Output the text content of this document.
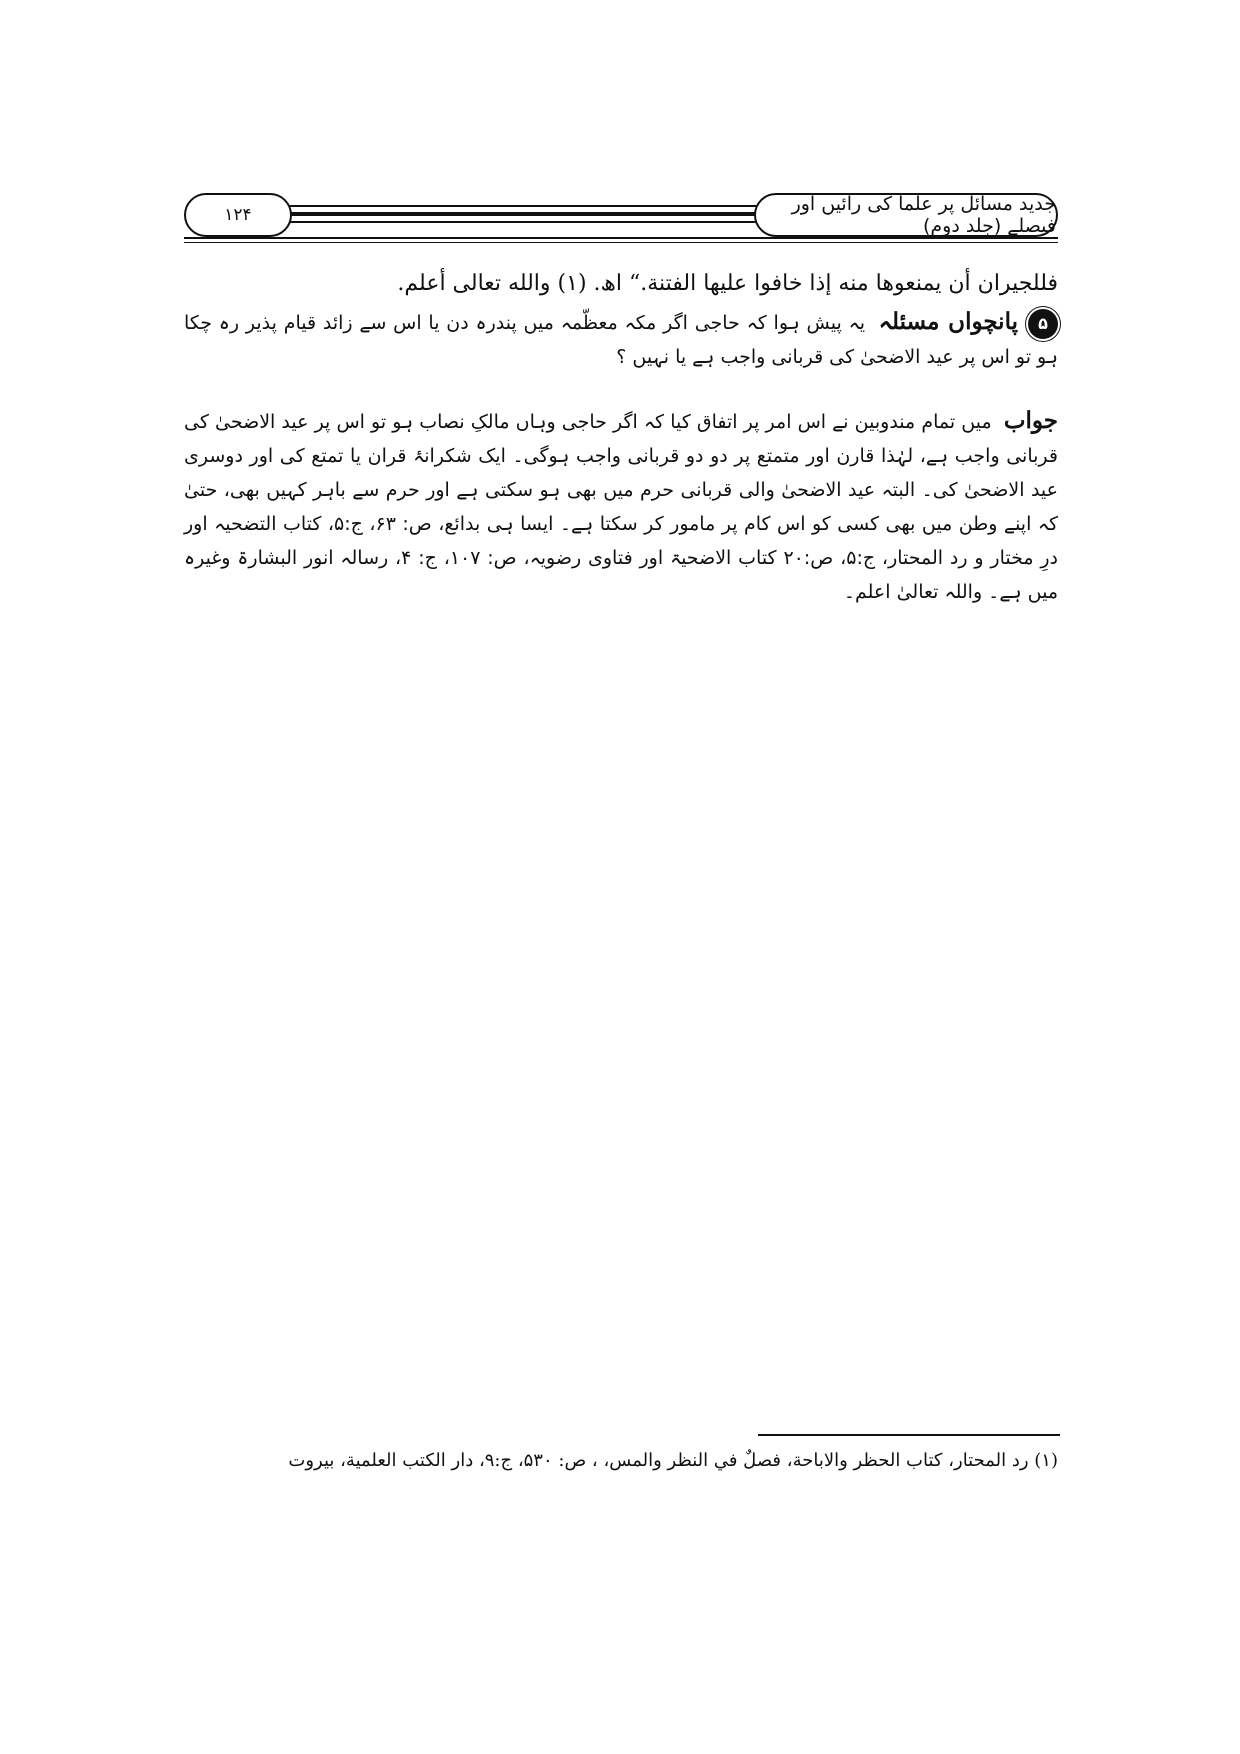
جدید مسائل پر علما کی رائیں اور فیصلے (جلد دوم)
۱۲۴
فللجيران أن يمنعوها منه إذا خافوا عليها الفتنة.“ اھ. (۱) والله تعالى أعلم.
۵پانچواں مسئلہ  یہ پیش ہوا کہ حاجی اگر مکہ معظّمہ میں پندرہ دن یا اس سے زائد قیام پذیر رہ چکا ہو تو اس پر عید الاضحیٰ کی قربانی واجب ہے یا نہیں ؟
جواب  میں تمام مندوبین نے اس امر پر اتفاق کیا کہ اگر حاجی وہاں مالکِ نصاب ہو تو اس پر عید الاضحیٰ کی قربانی واجب ہے، لہٰذا قارن اور متمتع پر دو دو قربانی واجب ہوگی۔ ایک شکرانۂ قران یا تمتع کی اور دوسری عید الاضحیٰ کی۔ البتہ عید الاضحیٰ والی قربانی حرم میں بھی ہو سکتی ہے اور حرم سے باہر کہیں بھی، حتیٰ کہ اپنے وطن میں بھی کسی کو اس کام پر مامور کر سکتا ہے۔ ایسا ہی بدائع، ص: ۶۳، ج:۵، کتاب التضحیہ اور درِ مختار و رد المحتار، ج:۵، ص:۲۰ کتاب الاضحیۃ اور فتاوی رضویہ، ص: ۱۰۷، ج: ۴، رسالہ انور البشارۃ وغیرہ میں ہے۔ واللہ تعالیٰ اعلم۔
(۱) رد المحتار، كتاب الحظر والاباحة، فصلٌ في النظر والمس، ، ص: ۵۳۰، ج:۹، دار الكتب العلمية، بيروت
